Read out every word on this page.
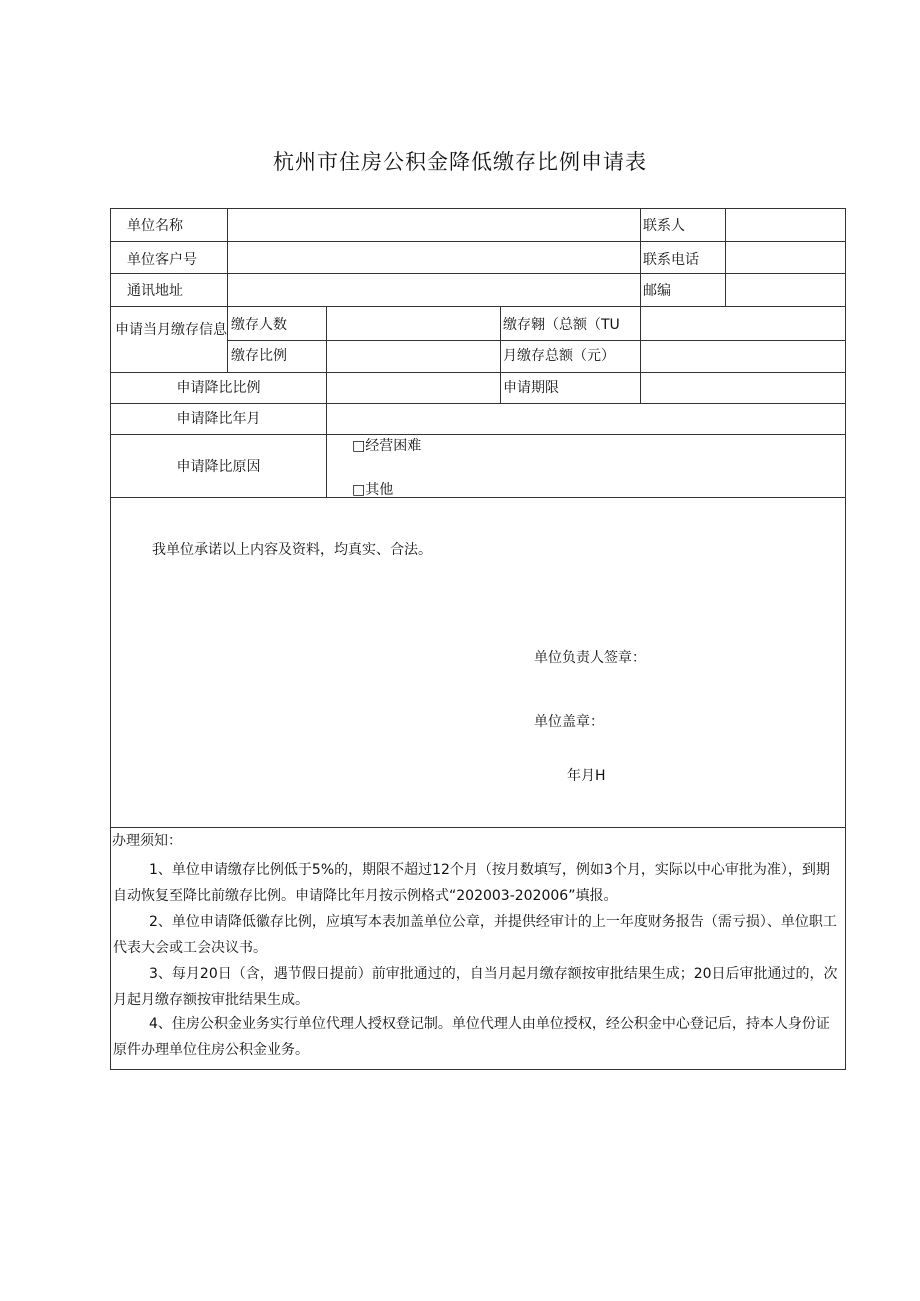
杭州市住房公积金降低缴存比例申请表
单位名称	联系人
单位客户号	联系电话
通讯地址	邮编
申请当月缴存信息 缴存人数	缴存翱（总额（TU
缴存比例	月缴存总额（元）
申请降比比例	申请期限
申请降比年月
申请降比原因
□经营困难
□其他
我单位承诺以上内容及资料，均真实、合法。
单位负责人签章：
单位盖章：
年月H
办理须知：
1、单位申请缴存比例低于5%的，期限不超过12个月（按月数填写，例如3个月，实际以中心审批为准），到期自动恢复至降比前缴存比例。申请降比年月按示例格式“202003-202006”填报。
2、单位申请降低徽存比例，应填写本表加盖单位公章，并提供经审计的上一年度财务报告（需亏损）、单位职工代表大会或工会决议书。
3、每月20日（含，遇节假日提前）前审批通过的，自当月起月缴存额按审批结果生成；20日后审批通过的，次月起月缴存额按审批结果生成。
4、住房公积金业务实行单位代理人授权登记制。单位代理人由单位授权，经公积金中心登记后，持本人身份证原件办理单位住房公积金业务。
